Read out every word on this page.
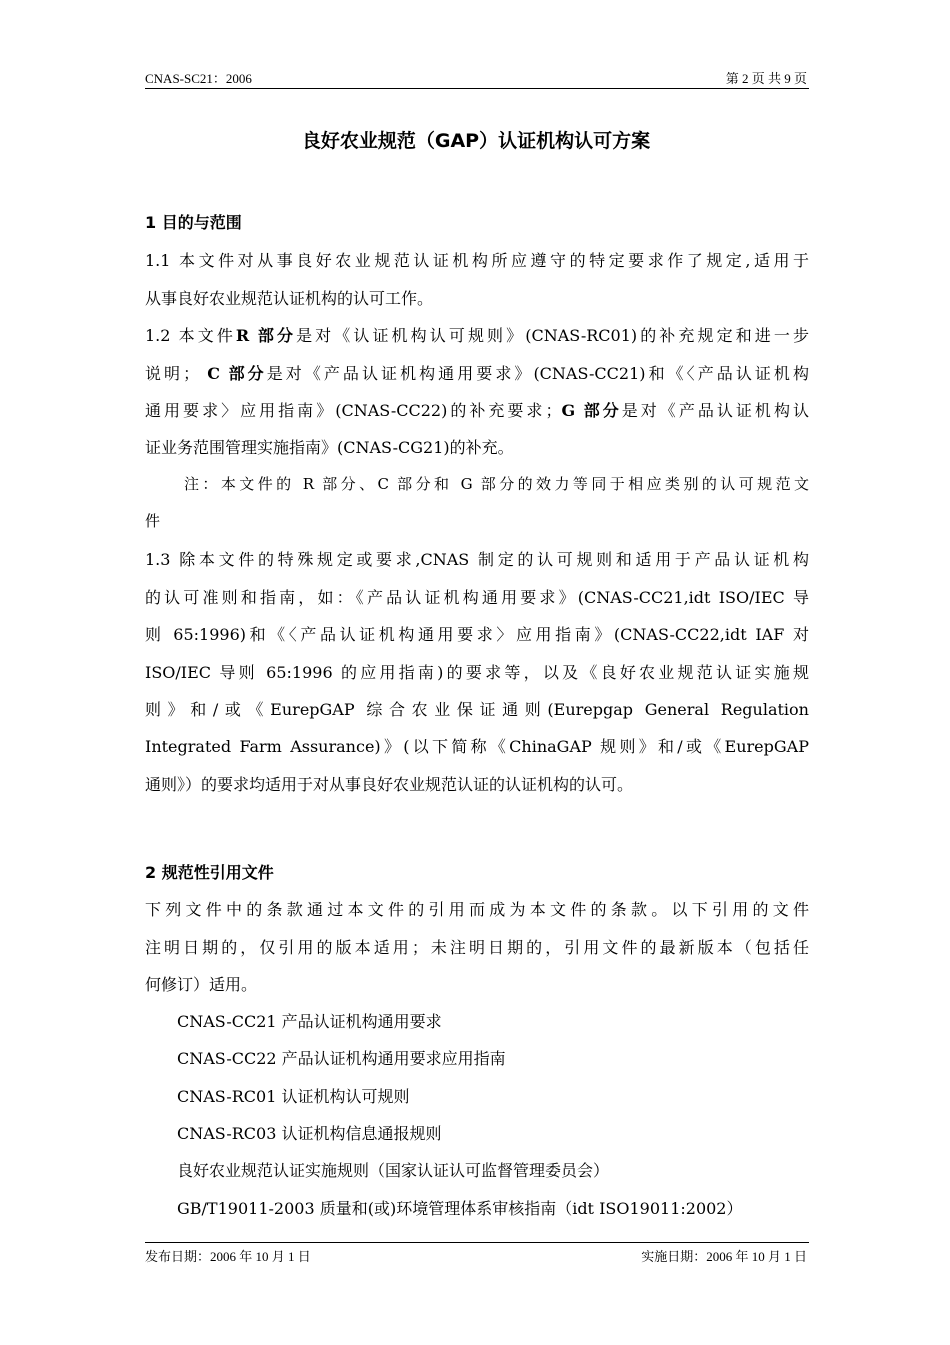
CNAS-SC21：2006	第 2 页 共 9 页
良好农业规范（GAP）认证机构认可方案
1 目的与范围
1.1 本文件对从事良好农业规范认证机构所应遵守的特定要求作了规定,适用于
从事良好农业规范认证机构的认可工作。
1.2 本文件R 部分是对《认证机构认可规则》(CNAS-RC01)的补充规定和进一步
说明； C 部分是对《产品认证机构通用要求》(CNAS-CC21)和《〈产品认证机构
通用要求〉应用指南》(CNAS-CC22)的补充要求；G 部分是对《产品认证机构认
证业务范围管理实施指南》(CNAS-CG21)的补充。
注：本文件的 R 部分、C 部分和 G 部分的效力等同于相应类别的认可规范文
件
1.3 除本文件的特殊规定或要求,CNAS 制定的认可规则和适用于产品认证机构
的认可准则和指南，如：《产品认证机构通用要求》(CNAS-CC21,idt ISO/IEC 导
则 65:1996)和《〈产品认证机构通用要求〉应用指南》(CNAS-CC22,idt IAF 对
ISO/IEC 导则 65:1996 的应用指南)的要求等，以及《良好农业规范认证实施规
则》和/或《EurepGAP 综合农业保证通则(Eurepgap General Regulation
Integrated Farm Assurance)》(以下简称《ChinaGAP 规则》和/或《EurepGAP
通则》）的要求均适用于对从事良好农业规范认证的认证机构的认可。
2 规范性引用文件
下列文件中的条款通过本文件的引用而成为本文件的条款。以下引用的文件
注明日期的，仅引用的版本适用；未注明日期的，引用文件的最新版本（包括任
何修订）适用。
CNAS-CC21 产品认证机构通用要求
CNAS-CC22 产品认证机构通用要求应用指南
CNAS-RC01 认证机构认可规则
CNAS-RC03 认证机构信息通报规则
良好农业规范认证实施规则（国家认证认可监督管理委员会）
GB/T19011-2003 质量和(或)环境管理体系审核指南（idt ISO19011:2002）
发布日期：2006 年 10 月 1 日	实施日期：2006 年 10 月 1 日
